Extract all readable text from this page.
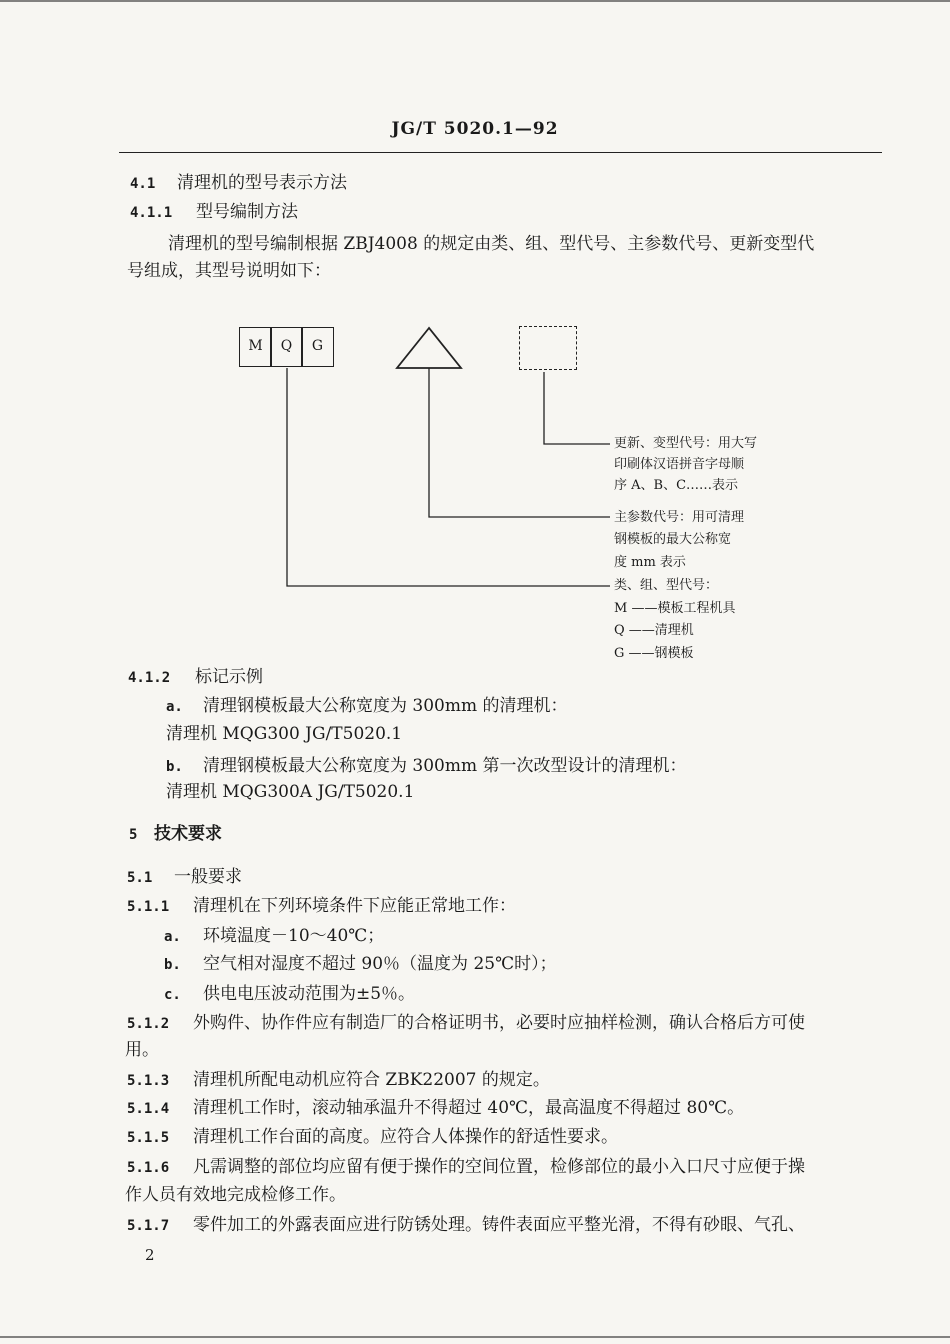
JG/T 5020.1—92
4.1 清理机的型号表示方法
4.1.1 型号编制方法
清理机的型号编制根据 ZBJ4008 的规定由类、组、型代号、主参数代号、更新变型代
号组成，其型号说明如下：
M	Q	G
更新、变型代号：用大写
印刷体汉语拼音字母顺
序 A、B、C……表示
主参数代号：用可清理
钢模板的最大公称宽
度 mm 表示
类、组、型代号：
M ——模板工程机具
Q ——清理机
G ——钢模板
4.1.2 标记示例
a. 清理钢模板最大公称宽度为 300mm 的清理机：
清理机 MQG300 JG/T5020.1
b. 清理钢模板最大公称宽度为 300mm 第一次改型设计的清理机：
清理机 MQG300A JG/T5020.1
5 技术要求
5.1 一般要求
5.1.1 清理机在下列环境条件下应能正常地工作：
a. 环境温度－10～40℃；
b. 空气相对湿度不超过 90％（温度为 25℃时）；
c. 供电电压波动范围为±5％。
5.1.2 外购件、协作件应有制造厂的合格证明书，必要时应抽样检测，确认合格后方可使
用。
5.1.3 清理机所配电动机应符合 ZBK22007 的规定。
5.1.4 清理机工作时，滚动轴承温升不得超过 40℃，最高温度不得超过 80℃。
5.1.5 清理机工作台面的高度。应符合人体操作的舒适性要求。
5.1.6 凡需调整的部位均应留有便于操作的空间位置，检修部位的最小入口尺寸应便于操
作人员有效地完成检修工作。
5.1.7 零件加工的外露表面应进行防锈处理。铸件表面应平整光滑，不得有砂眼、气孔、
2
